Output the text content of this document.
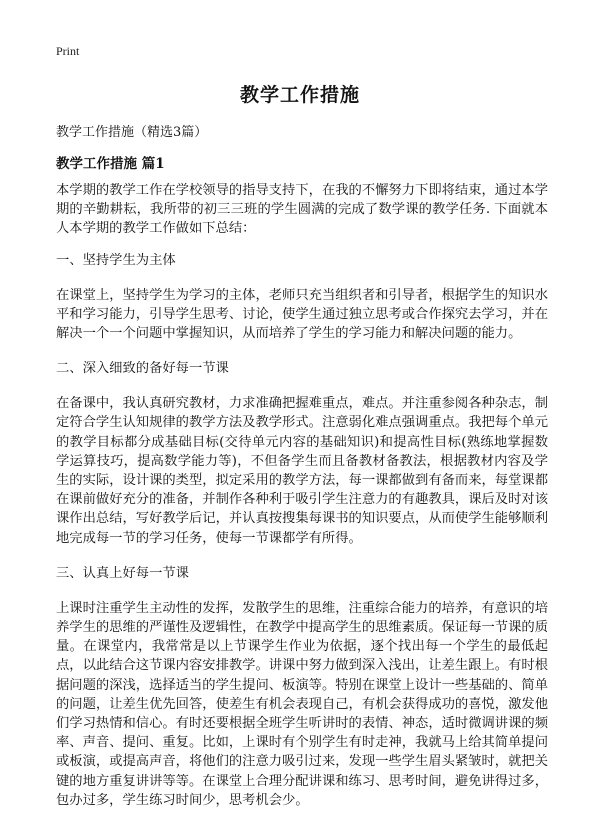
Print
教学工作措施
教学工作措施（精选3篇）
教学工作措施 篇1

本学期的教学工作在学校领导的指导支持下，在我的不懈努力下即将结束，通过本学期的辛勤耕耘，我所带的初三三班的学生圆满的完成了数学课的教学任务. 下面就本人本学期的教学工作做如下总结：

一、坚持学生为主体

在课堂上，坚持学生为学习的主体，老师只充当组织者和引导者，根据学生的知识水平和学习能力，引导学生思考、讨论，使学生通过独立思考或合作探究去学习，并在解决一个一个问题中掌握知识，从而培养了学生的学习能力和解决问题的能力。

二、深入细致的备好每一节课

在备课中，我认真研究教材，力求准确把握难重点，难点。并注重参阅各种杂志，制定符合学生认知规律的教学方法及教学形式。注意弱化难点强调重点。我把每个单元的教学目标都分成基础目标(交待单元内容的基础知识)和提高性目标(熟练地掌握数学运算技巧，提高数学能力等)，不但备学生而且备教材备教法，根据教材内容及学生的实际，设计课的类型，拟定采用的教学方法，每一课都做到有备而来，每堂课都在课前做好充分的准备，并制作各种利于吸引学生注意力的有趣教具，课后及时对该课作出总结，写好教学后记，并认真按搜集每课书的知识要点，从而使学生能够顺利地完成每一节的学习任务，使每一节课都学有所得。

三、认真上好每一节课

上课时注重学生主动性的发挥，发散学生的思维，注重综合能力的培养，有意识的培养学生的思维的严谨性及逻辑性，在教学中提高学生的思维素质。保证每一节课的质量。在课堂内，我常常是以上节课学生作业为依据，逐个找出每一个学生的最低起点，以此结合这节课内容安排教学。讲课中努力做到深入浅出，让差生跟上。有时根据问题的深浅，选择适当的学生提问、板演等。特别在课堂上设计一些基础的、简单的问题，让差生优先回答，使差生有机会表现自己，有机会获得成功的喜悦，激发他们学习热情和信心。有时还要根据全班学生听讲时的表情、神态，适时微调讲课的频率、声音、提问、重复。比如，上课时有个别学生有时走神，我就马上给其简单提问或板演，或提高声音，将他们的注意力吸引过来，发现一些学生眉头紧皱时，就把关键的地方重复讲讲等等。在课堂上合理分配讲课和练习、思考时间，避免讲得过多，包办过多，学生练习时间少，思考机会少。
